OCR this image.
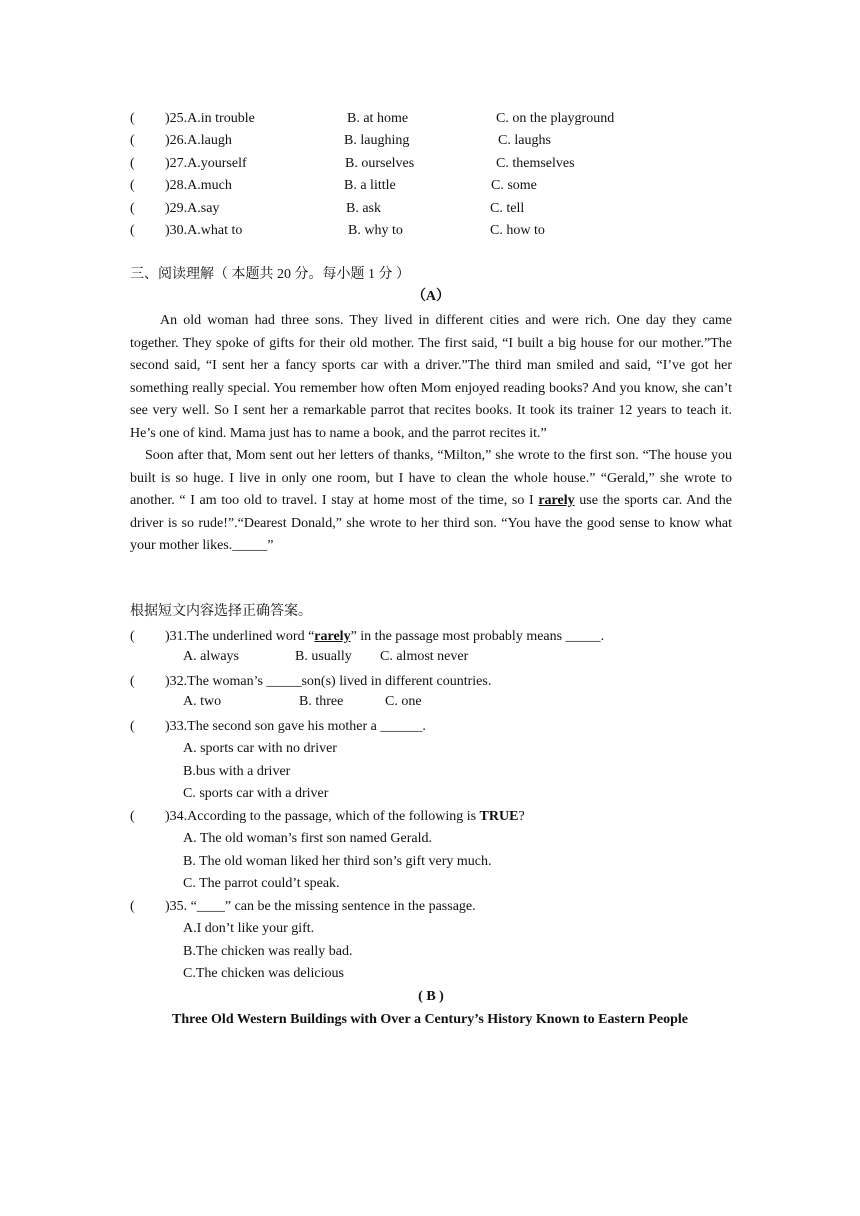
( )25.A.in trouble	B. at home	C. on the playground
( )26.A.laugh	B. laughing	C. laughs
( )27.A.yourself	B. ourselves	C. themselves
( )28.A.much	B. a little	C. some
( )29.A.say	B. ask	C. tell
( )30.A.what to	B. why to	C. how to
三、阅读理解（ 本题共 20 分。每小题 1 分 ）
（A）

An old woman had three sons. They lived in different cities and were rich. One day they came together. They spoke of gifts for their old mother. The first said, “I built a big house for our mother.”The second said, “I sent her a fancy sports car with a driver.”The third man smiled and said, “I’ve got her something really special. You remember how often Mom enjoyed reading books? And you know, she can’t see very well. So I sent her a remarkable parrot that recites books. It took its trainer 12 years to teach it. He’s one of kind. Mama just has to name a book, and the parrot recites it.”

Soon after that, Mom sent out her letters of thanks, “Milton,” she wrote to the first son. “The house you built is so huge. I live in only one room, but I have to clean the whole house.” “Gerald,” she wrote to another. “ I am too old to travel. I stay at home most of the time, so I rarely use the sports car. And the driver is so rude!”.“Dearest Donald,” she wrote to her third son. “You have the good sense to know what your mother likes._____”

根据短文内容选择正确答案。
( )31.The underlined word “rarely” in the passage most probably means _____.
A. always	B. usually C. almost never
( )32.The woman’s _____son(s) lived in different countries.
A. two	B. three	C. one
( )33.The second son gave his mother a ______.
A. sports car with no driver
B.bus with a driver
C. sports car with a driver
( )34.According to the passage, which of the following is TRUE?
A. The old woman’s first son named Gerald.
B. The old woman liked her third son’s gift very much.
C. The parrot could’t speak.
( )35. “____” can be the missing sentence in the passage.
A.I don’t like your gift.
B.The chicken was really bad.
C.The chicken was delicious
( B )
Three Old Western Buildings with Over a Century’s History Known to Eastern People
